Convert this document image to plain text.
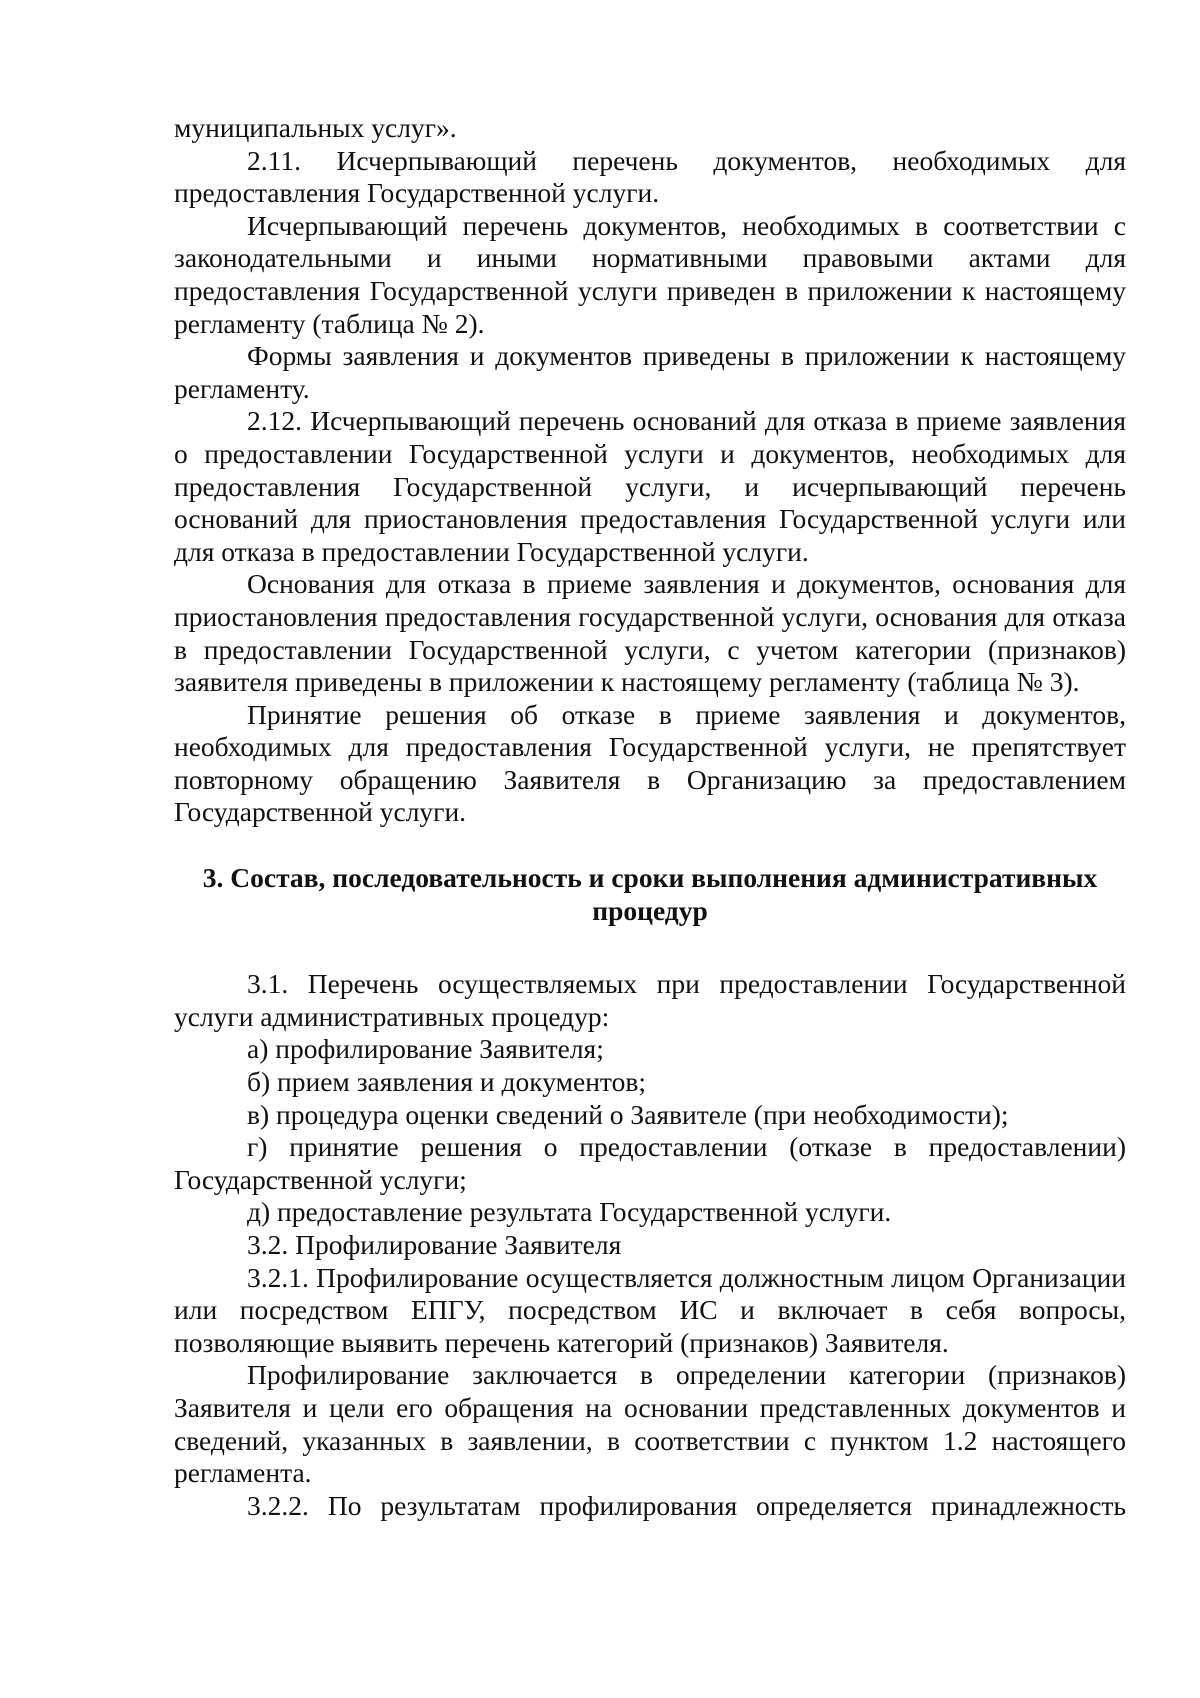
муниципальных услуг».

2.11. Исчерпывающий перечень документов, необходимых для предоставления Государственной услуги.

Исчерпывающий перечень документов, необходимых в соответствии с законодательными и иными нормативными правовыми актами для предоставления Государственной услуги приведен в приложении к настоящему регламенту (таблица № 2).

Формы заявления и документов приведены в приложении к настоящему регламенту.

2.12. Исчерпывающий перечень оснований для отказа в приеме заявления о предоставлении Государственной услуги и документов, необходимых для предоставления Государственной услуги, и исчерпывающий перечень оснований для приостановления предоставления Государственной услуги или для отказа в предоставлении Государственной услуги.

Основания для отказа в приеме заявления и документов, основания для приостановления предоставления государственной услуги, основания для отказа в предоставлении Государственной услуги, с учетом категории (признаков) заявителя приведены в приложении к настоящему регламенту (таблица № 3).

Принятие решения об отказе в приеме заявления и документов, необходимых для предоставления Государственной услуги, не препятствует повторному обращению Заявителя в Организацию за предоставлением Государственной услуги.

3. Состав, последовательность и сроки выполнения административных процедур

3.1. Перечень осуществляемых при предоставлении Государственной услуги административных процедур:

а) профилирование Заявителя;

б) прием заявления и документов;

в) процедура оценки сведений о Заявителе (при необходимости);

г) принятие решения о предоставлении (отказе в предоставлении) Государственной услуги;

д) предоставление результата Государственной услуги.

3.2. Профилирование Заявителя

3.2.1. Профилирование осуществляется должностным лицом Организации или посредством ЕПГУ, посредством ИС и включает в себя вопросы, позволяющие выявить перечень категорий (признаков) Заявителя.

Профилирование заключается в определении категории (признаков) Заявителя и цели его обращения на основании представленных документов и сведений, указанных в заявлении, в соответствии с пунктом 1.2 настоящего регламента.

3.2.2. По результатам профилирования определяется принадлежность
